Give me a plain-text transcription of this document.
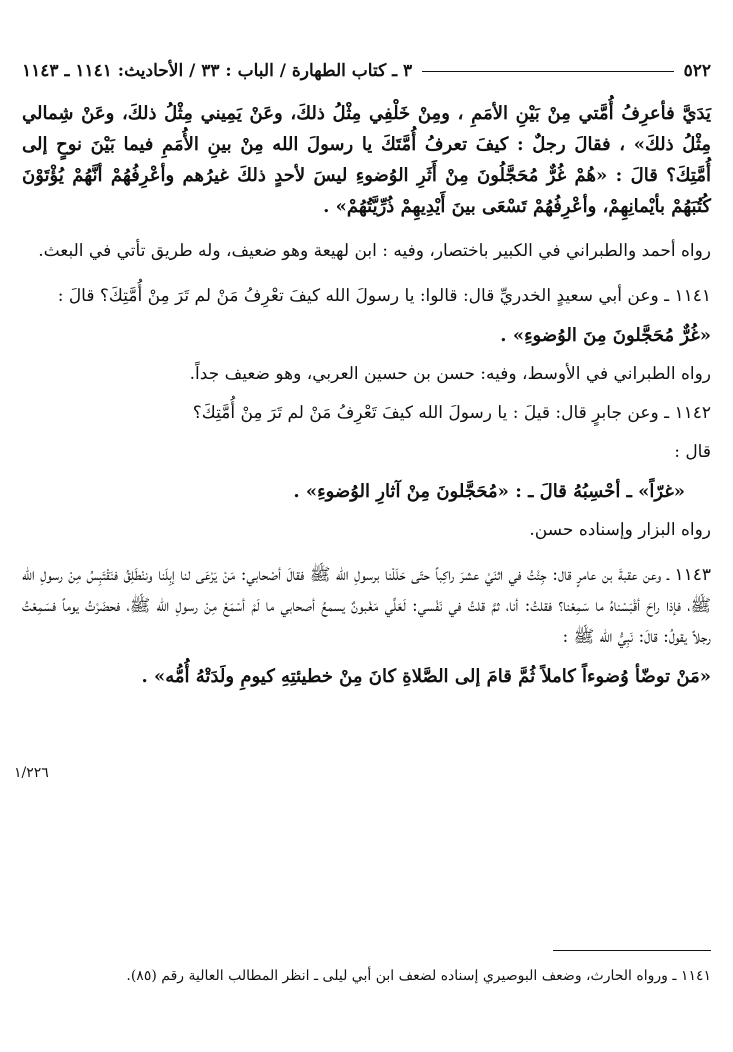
٥٢٢
٣ ـ كتاب الطهارة / الباب : ٣٣ / الأحاديث: ١١٤١ ـ ١١٤٣

يَدَيَّ فأعرِفُ أُمَّتي مِنْ بَيْنِ الأمَمِ ، ومِنْ خَلْفِي مِثْلُ ذلكَ، وعَنْ يَمِيني مِثْلُ ذلكَ، وعَنْ شِمالي مِثْلُ ذلكَ» ، فقالَ رجلٌ : كيفَ تعرفُ أُمَّتَكَ يا رسولَ الله مِنْ بينِ الأُمَمِ فيما بَيْنَ نوحٍ إلى أُمَّتِكَ؟ قالَ : «هُمْ غُرٌّ مُحَجَّلُونَ مِنْ أَثَرِ الوُضوءِ ليسَ لأحدٍ ذلكَ غيرُهم وأعْرِفُهُمْ أنَّهُمْ يُؤْتَوْنَ كُتُبَهُمْ بأيْمانِهِمْ، وأعْرِفُهُمْ تَسْعَى بينَ أَيْدِيهِمْ ذُرِّيَّتُهُمْ» .

رواه أحمد والطبراني في الكبير باختصار، وفيه : ابن لهيعة وهو ضعيف، وله طريق تأتي في البعث.

١١٤١ ـ وعن أبي سعيدٍ الخدريِّ قال: قالوا: يا رسولَ الله كيفَ تعْرِفُ مَنْ لم تَرَ مِنْ أُمَّتِكَ؟ قالَ :

«غُرٌّ مُحَجَّلونَ مِنَ الوُضوءِ» .

رواه الطبراني في الأوسط، وفيه: حسن بن حسين العربي، وهو ضعيف جداً.

١١٤٢ ـ وعن جابرٍ قال: قيلَ : يا رسولَ الله كيفَ تَعْرِفُ مَنْ لم تَرَ مِنْ أُمَّتِكَ؟

قال :

«غرّاً» ـ أحْسِبُهُ قالَ ـ : «مُحَجَّلونَ مِنْ آثارِ الوُضوءِ» .

رواه البزار وإسناده حسن.

١١٤٣ ـ وعن عقبةَ بن عامرٍ قال: جِئْتُ في اثنَيْ عشرَ راكِباً حتّى حَلَلْنا برسولِ الله ﷺ فقالَ أصْحابي: مَنْ يَرْعَى لنا إبِلَنا وننْطَلِقُ فنَقْتَبِسُ مِنْ رسولِ الله ﷺ، فإذا راحَ أقْبَسْناهُ ما سَمِعْنا؟ فقلتُ: أنا، ثمَّ قلتُ في نَفْسي: لَعَلِّي مَغْبونٌ يسمعُ أصحابي ما لَمْ أسْمَعْ مِنْ رسولِ الله ﷺ، فحضَرْتُ يوماً فسَمِعْتُ رجلاً يقولُ: قالَ: نَبِيُّ الله ﷺ :

«مَنْ توضّأ وُضوءاً كاملاً ثُمَّ قامَ إلى الصَّلاةِ كانَ مِنْ خطيئتِهِ كيومِ ولَدَتْهُ أُمُّه» .

١/٢٢٦
١١٤١ ـ ورواه الحارث، وضعف البوصيري إسناده لضعف ابن أبي ليلى ـ انظر المطالب العالية رقم (٨٥).
